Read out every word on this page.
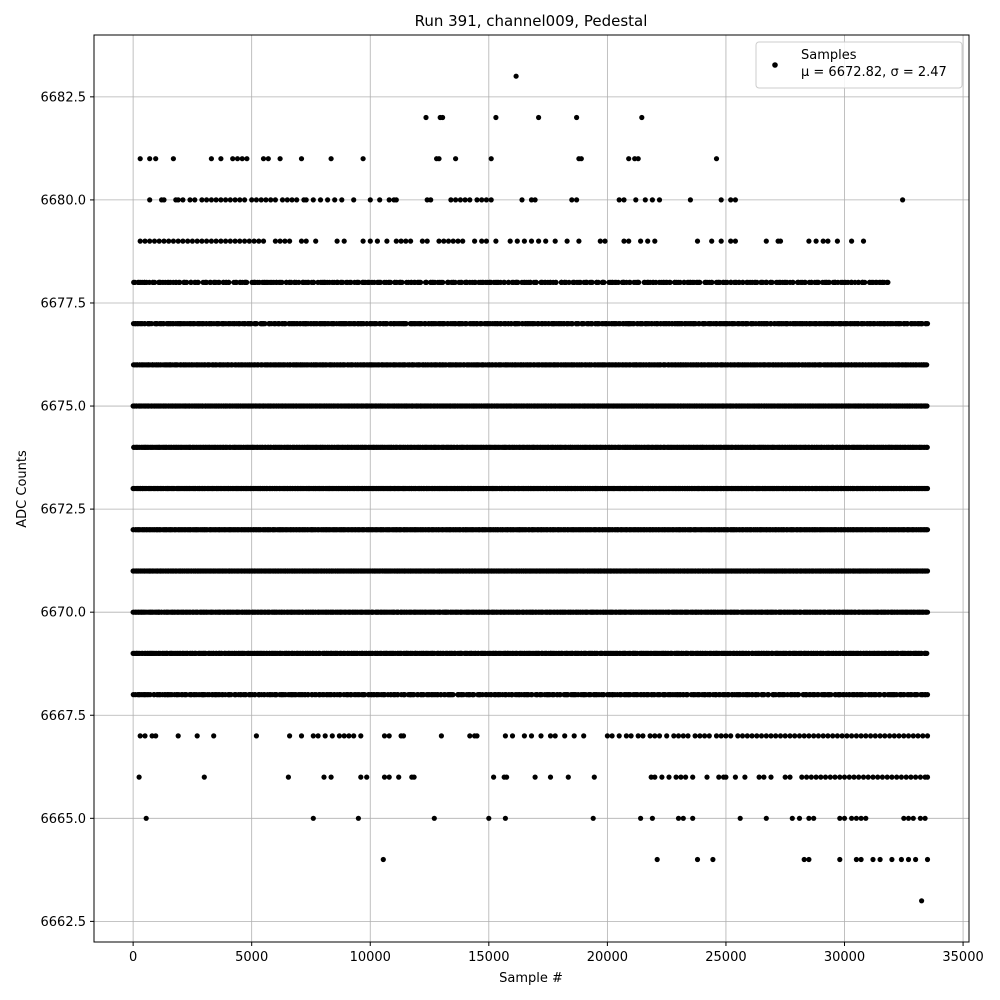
0	5000	10000	15000	20000	25000	30000	35000
6662.5
6665.0
6667.5
6670.0
6672.5
6675.0
6677.5
6680.0
6682.5
Run 391, channel009, Pedestal
Sample #
ADC Counts
Samples
μ = 6672.82, σ = 2.47
